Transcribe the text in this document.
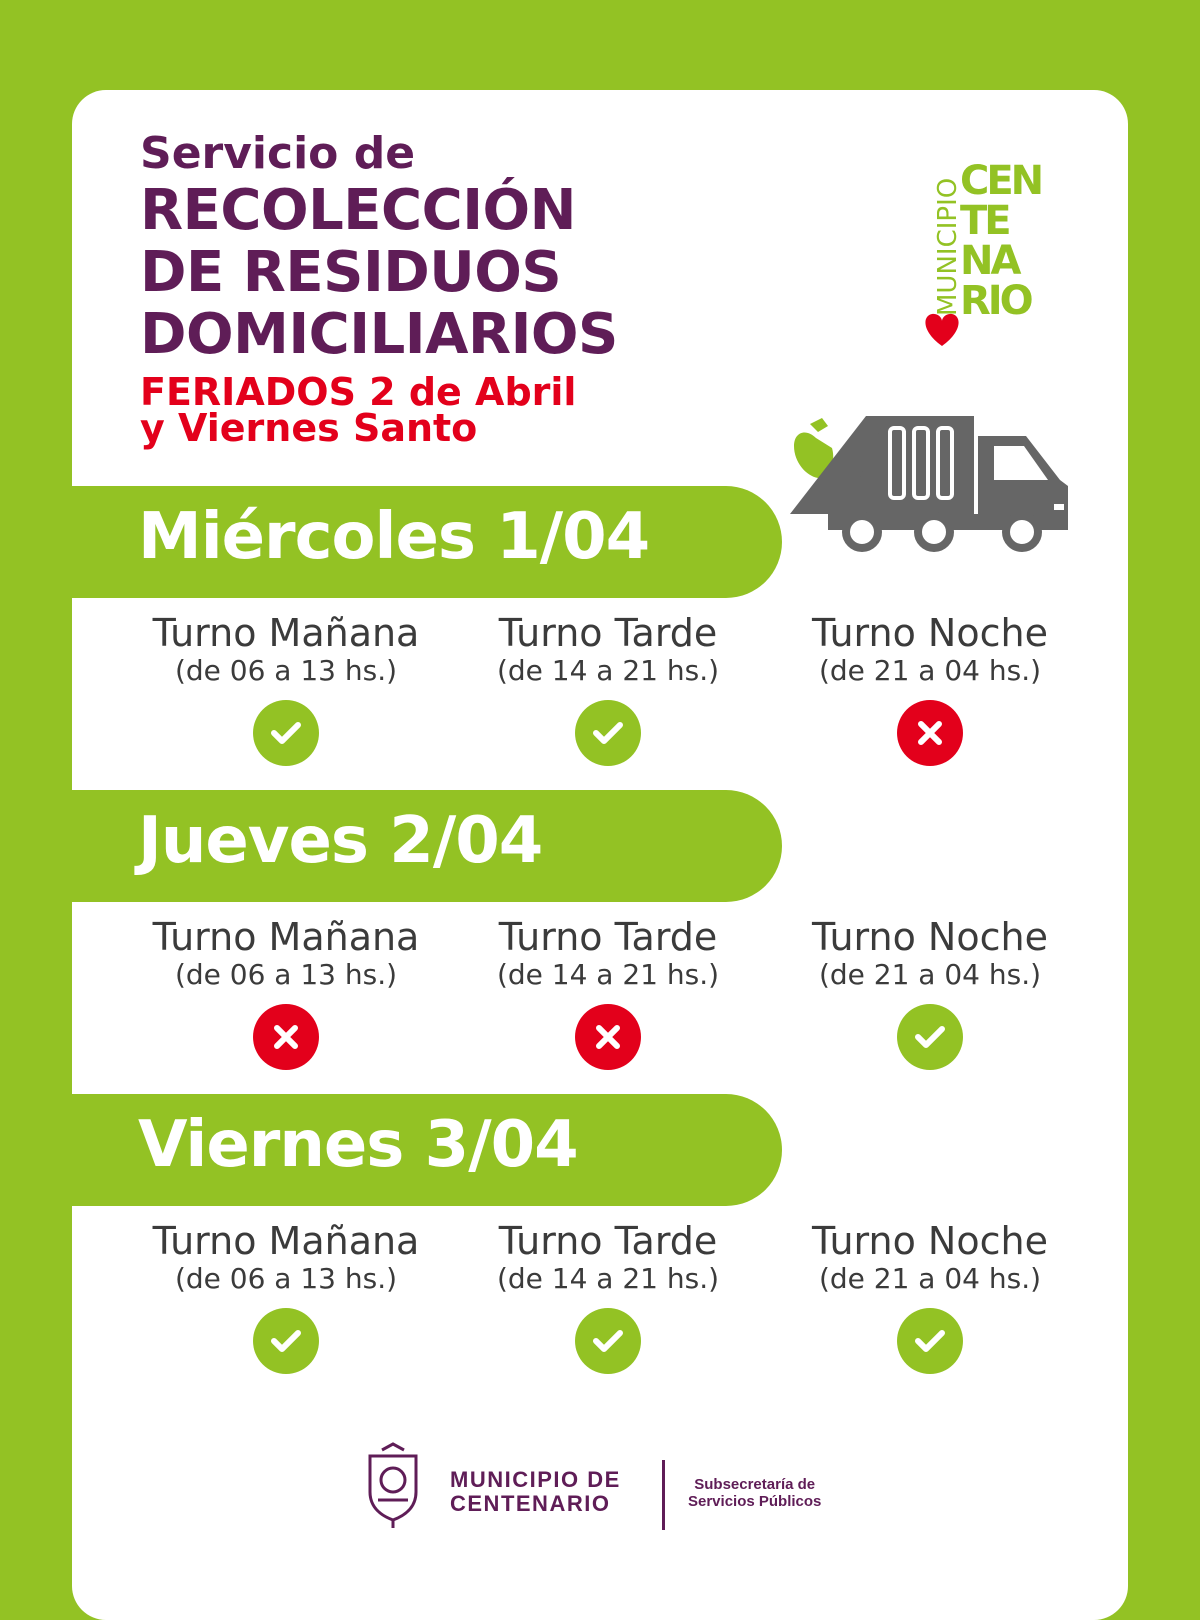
Servicio de
RECOLECCIÓN
DE RESIDUOS
DOMICILIARIOS
FERIADOS 2 de Abril
y Viernes Santo
MUNICIPIO
CEN
TE
NA
RIO
Miércoles 1/04
Jueves 2/04
Viernes 3/04
Turno Mañana
(de 06 a 13 hs.)
Turno Tarde
(de 14 a 21 hs.)
Turno Noche
(de 21 a 04 hs.)
Turno Mañana
(de 06 a 13 hs.)
Turno Tarde
(de 14 a 21 hs.)
Turno Noche
(de 21 a 04 hs.)
Turno Mañana
(de 06 a 13 hs.)
Turno Tarde
(de 14 a 21 hs.)
Turno Noche
(de 21 a 04 hs.)
MUNICIPIO DE
CENTENARIO
Subsecretaría de
Servicios Públicos
